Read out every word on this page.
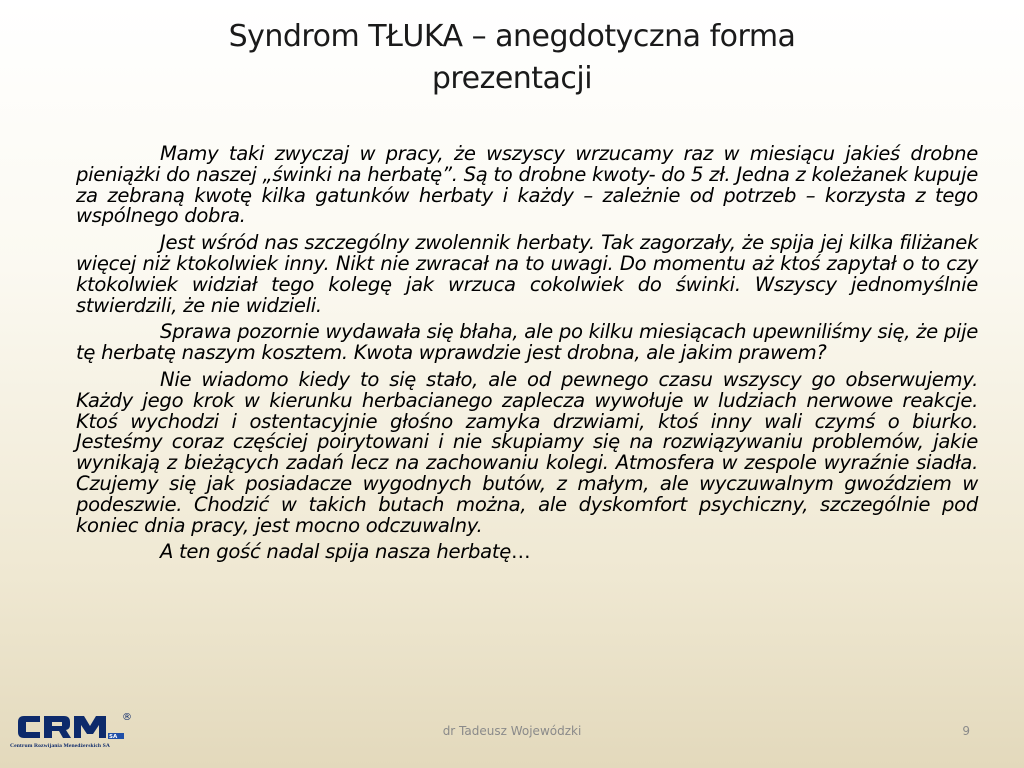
Syndrom TŁUKA – anegdotyczna forma
prezentacji

Mamy taki zwyczaj w pracy, że wszyscy wrzucamy raz w miesiącu jakieś drobne pieniążki do naszej „świnki na herbatę”. Są to drobne kwoty- do 5 zł. Jedna z koleżanek kupuje za zebraną kwotę kilka gatunków herbaty i każdy – zależnie od potrzeb – korzysta z tego wspólnego dobra.

Jest wśród nas szczególny zwolennik herbaty. Tak zagorzały, że spija jej kilka filiżanek więcej niż ktokolwiek inny. Nikt nie zwracał na to uwagi. Do momentu aż ktoś zapytał o to czy ktokolwiek widział tego kolegę jak wrzuca cokolwiek do świnki. Wszyscy jednomyślnie stwierdzili, że nie widzieli.

Sprawa pozornie wydawała się błaha, ale po kilku miesiącach upewniliśmy się, że pije tę herbatę naszym kosztem. Kwota wprawdzie jest drobna, ale jakim prawem?

Nie wiadomo kiedy to się stało, ale od pewnego czasu wszyscy go obserwujemy. Każdy jego krok w kierunku herbacianego zaplecza wywołuje w ludziach nerwowe reakcje. Ktoś wychodzi i ostentacyjnie głośno zamyka drzwiami, ktoś inny wali czymś o biurko. Jesteśmy coraz częściej poirytowani i nie skupiamy się na rozwiązywaniu problemów, jakie wynikają z bieżących zadań lecz na zachowaniu kolegi. Atmosfera w zespole wyraźnie siadła. Czujemy się jak posiadacze wygodnych butów, z małym, ale wyczuwalnym gwoździem w podeszwie. Chodzić w takich butach można, ale dyskomfort psychiczny, szczególnie pod koniec dnia pracy, jest mocno odczuwalny.

A ten gość nadal spija nasza herbatę…

SA
®
Centrum Rozwijania Menedżerskich SA
dr Tadeusz Wojewódzki	9
